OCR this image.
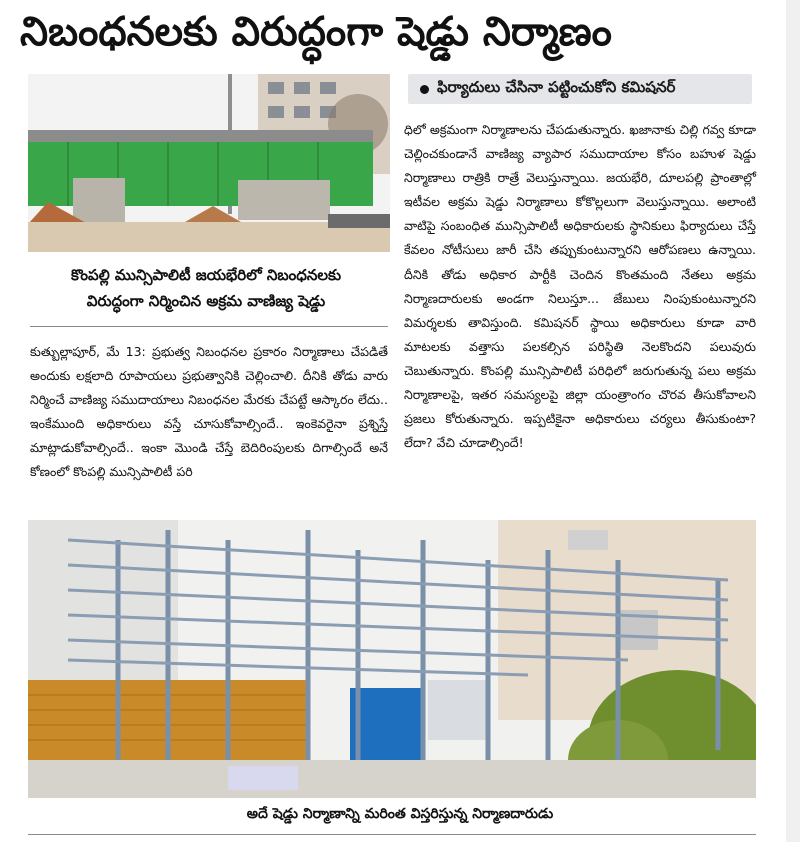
నిబంధనలకు విరుద్ధంగా షెడ్డు నిర్మాణం
ఫిర్యాదులు చేసినా పట్టించుకోని కమిషనర్
కొంపల్లి మున్సిపాలిటీ జయభేరిలో నిబంధనలకు విరుద్ధంగా నిర్మించిన అక్రమ వాణిజ్య షెడ్డు
కుత్బుల్లాపూర్, మే 13: ప్రభుత్వ నిబంధనల ప్రకారం నిర్మాణాలు చేపడితే అందుకు లక్షలాది రూపాయలు ప్రభుత్వానికి చెల్లించాలి. దీనికి తోడు వారు నిర్మించే వాణిజ్య సముదాయాలు నిబంధనల మేరకు చేపట్టే ఆస్కారం లేదు.. ఇంకేముంది అధికారులు వస్తే చూసుకోవాల్సిందే.. ఇంకెవరైనా ప్రశ్నిస్తే మాట్లాడుకోవాల్సిందే.. ఇంకా మొండి చేస్తే బెదిరింపులకు దిగాల్సిందే అనే కోణంలో కొంపల్లి మున్సిపాలిటీ పరి
ధిలో అక్రమంగా నిర్మాణాలను చేపడుతున్నారు. ఖజానాకు చిల్లి గవ్వ కూడా చెల్లించకుండానే వాణిజ్య వ్యాపార సముదాయాల కోసం బహుళ షెడ్డు నిర్మాణాలు రాత్రికి రాత్రే వెలుస్తున్నాయి. జయభేరి, దూలపల్లి ప్రాంతాల్లో ఇటీవల అక్రమ షెడ్డు నిర్మాణాలు కోకొల్లలుగా వెలుస్తున్నాయి. అలాంటి వాటిపై సంబంధిత మున్సిపాలిటీ అధికారులకు స్థానికులు ఫిర్యాదులు చేస్తే కేవలం నోటీసులు జారీ చేసి తప్పుకుంటున్నారని ఆరోపణలు ఉన్నాయి. దీనికి తోడు అధికార పార్టీకి చెందిన కొంతమంది నేతలు అక్రమ నిర్మాణదారులకు అండగా నిలుస్తూ... జేబులు నింపుకుంటున్నారని విమర్శలకు తావిస్తుంది. కమిషనర్ స్థాయి అధికారులు కూడా వారి మాటలకు వత్తాసు పలకల్సిన పరిస్థితి నెలకొందని పలువురు చెబుతున్నారు. కొంపల్లి మున్సిపాలిటీ పరిధిలో జరుగుతున్న పలు అక్రమ నిర్మాణాలపై, ఇతర సమస్యలపై జిల్లా యంత్రాంగం చొరవ తీసుకోవాలని ప్రజలు కోరుతున్నారు. ఇప్పటికైనా అధికారులు చర్యలు తీసుకుంటా? లేదా? వేచి చూడాల్సిందే!
అదే షెడ్డు నిర్మాణాన్ని మరింత విస్తరిస్తున్న నిర్మాణదారుడు
